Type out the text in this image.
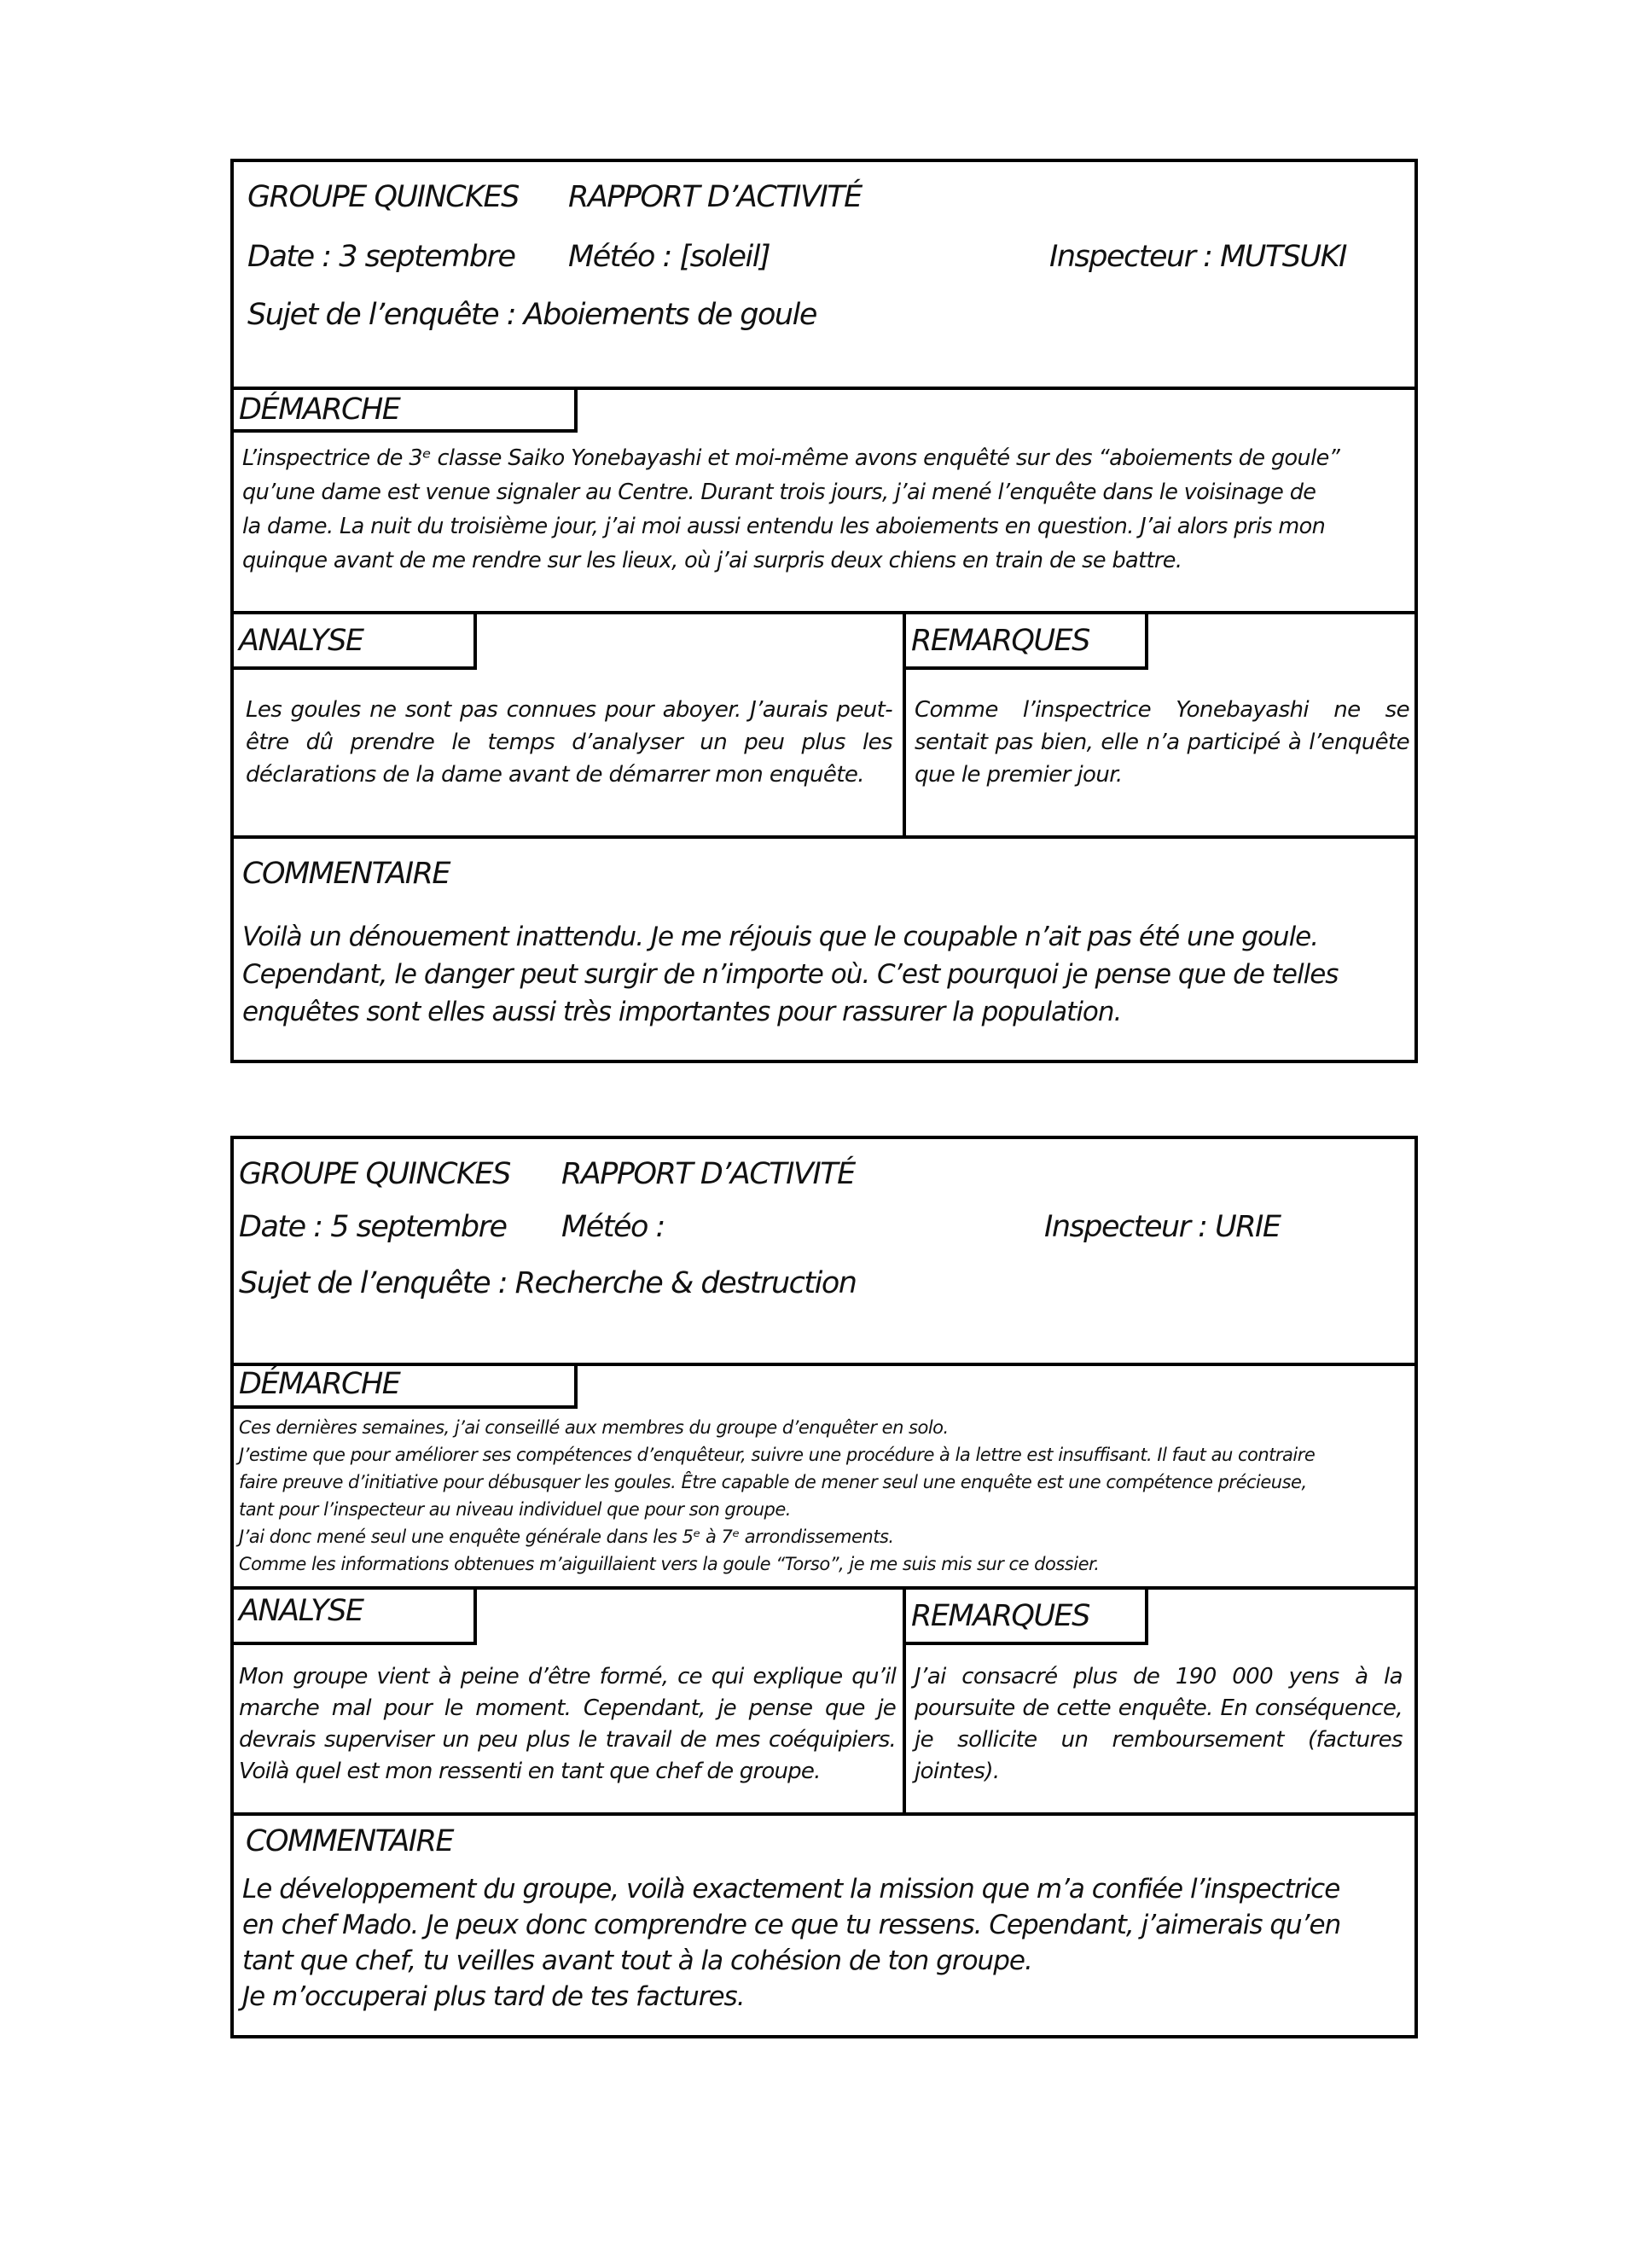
GROUPE QUINCKES RAPPORT D’ACTIVITÉ
Date : 3 septembre Météo : [soleil]	Inspecteur : MUTSUKI
Sujet de l’enquête : Aboiements de goule
DÉMARCHE

L’inspectrice de 3ᵉ classe Saiko Yonebayashi et moi-même avons enquêté sur des “aboiements de goule”

qu’une dame est venue signaler au Centre. Durant trois jours, j’ai mené l’enquête dans le voisinage de

la dame. La nuit du troisième jour, j’ai moi aussi entendu les aboiements en question. J’ai alors pris mon

quinque avant de me rendre sur les lieux, où j’ai surpris deux chiens en train de se battre.

ANALYSE	REMARQUES
Les goules ne sont pas connues pour aboyer. J’aurais peut-être dû prendre le temps d’analyser un peu plus les déclarations de la dame avant de démarrer mon enquête.
Comme l’inspectrice Yonebayashi ne se sentait pas bien, elle n’a participé à l’enquête que le premier jour.
COMMENTAIRE

Voilà un dénouement inattendu. Je me réjouis que le coupable n’ait pas été une goule.

Cependant, le danger peut surgir de n’importe où. C’est pourquoi je pense que de telles

enquêtes sont elles aussi très importantes pour rassurer la population.

GROUPE QUINCKES RAPPORT D’ACTIVITÉ
Date : 5 septembre Météo :	Inspecteur : URIE
Sujet de l’enquête : Recherche & destruction
DÉMARCHE

Ces dernières semaines, j’ai conseillé aux membres du groupe d’enquêter en solo.

J’estime que pour améliorer ses compétences d’enquêteur, suivre une procédure à la lettre est insuffisant. Il faut au contraire

faire preuve d’initiative pour débusquer les goules. Être capable de mener seul une enquête est une compétence précieuse,

tant pour l’inspecteur au niveau individuel que pour son groupe.

J’ai donc mené seul une enquête générale dans les 5ᵉ à 7ᵉ arrondissements.

Comme les informations obtenues m’aiguillaient vers la goule “Torso”, je me suis mis sur ce dossier.

ANALYSE	REMARQUES
Mon groupe vient à peine d’être formé, ce qui explique qu’il marche mal pour le moment. Cependant, je pense que je devrais superviser un peu plus le travail de mes coéquipiers. Voilà quel est mon ressenti en tant que chef de groupe.
J’ai consacré plus de 190 000 yens à la poursuite de cette enquête. En conséquence, je sollicite un remboursement (factures jointes).
COMMENTAIRE

Le développement du groupe, voilà exactement la mission que m’a confiée l’inspectrice

en chef Mado. Je peux donc comprendre ce que tu ressens. Cependant, j’aimerais qu’en

tant que chef, tu veilles avant tout à la cohésion de ton groupe.

Je m’occuperai plus tard de tes factures.
